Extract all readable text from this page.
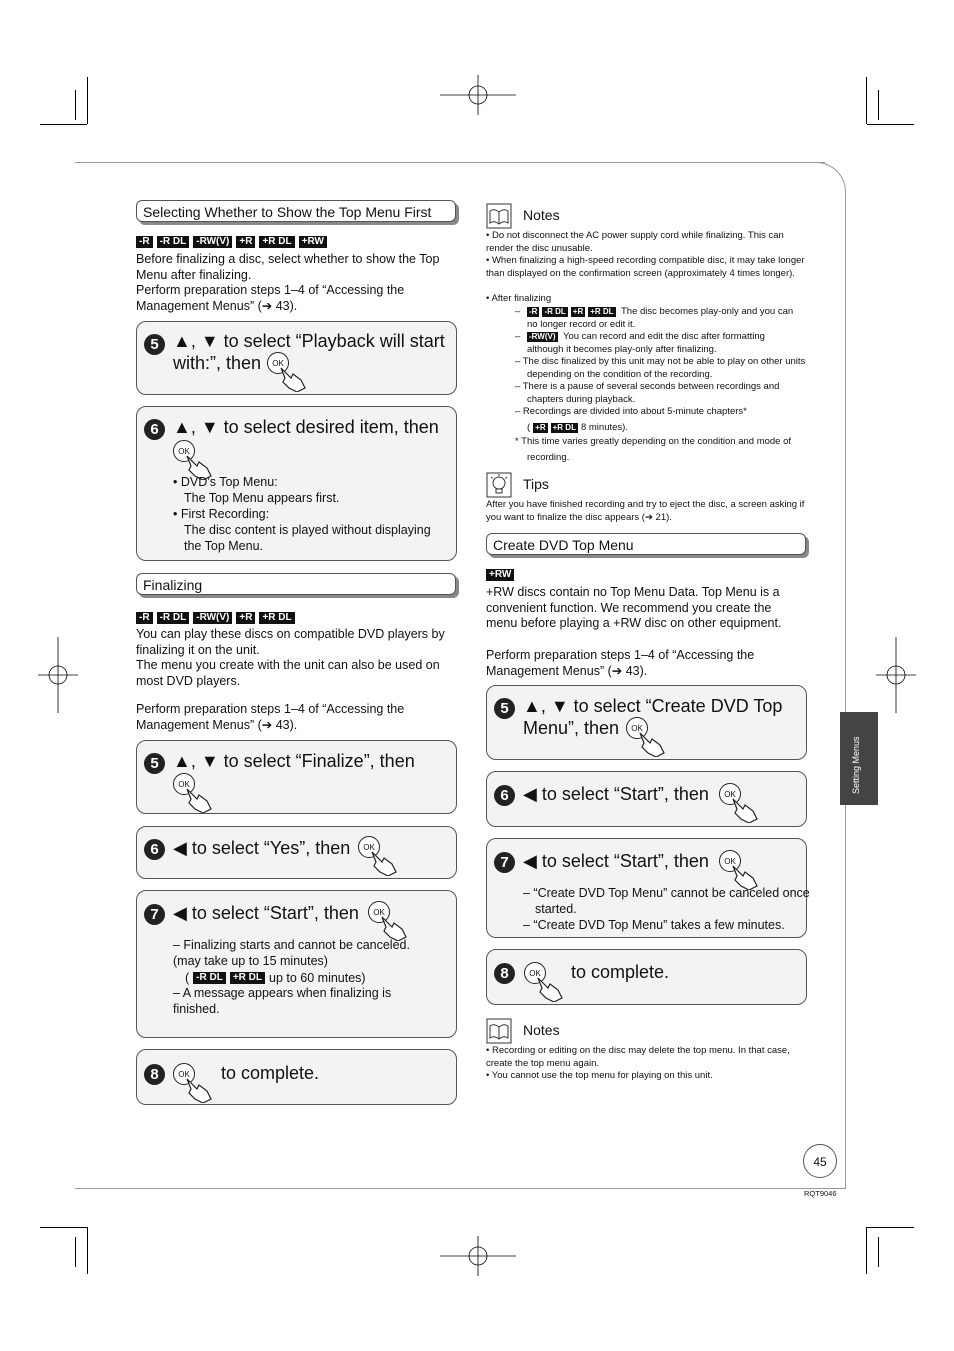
Selecting Whether to Show the Top Menu First
-R	-R DL	-RW(V)	+R	+R DL	+RW
Before finalizing a disc, select whether to show the Top Menu after finalizing.
Perform preparation steps 1–4 of “Accessing the Management Menus” (➔ 43).
5 ▲, ▼ to select “Playback will start with:”, then	OK
6 ▲, ▼ to select desired item, then
OK
• DVD’s Top Menu:
The Top Menu appears first.
• First Recording:
The disc content is played without displaying the Top Menu.
Finalizing
-R	-R DL	-RW(V)	+R	+R DL
You can play these discs on compatible DVD players by finalizing it on the unit.
The menu you create with the unit can also be used on most DVD players.
Perform preparation steps 1–4 of “Accessing the Management Menus” (➔ 43).
5 ▲, ▼ to select “Finalize”, then
OK
6 ◀ to select “Yes”, then	OK
7 ◀ to select “Start”, then	OK
– Finalizing starts and cannot be canceled. (may take up to 15 minutes)
( -R DL	+R DL up to 60 minutes)
– A message appears when finalizing is finished.
8	OK to complete.
Notes
• Do not disconnect the AC power supply cord while finalizing. This can render the disc unusable.
• When finalizing a high-speed recording compatible disc, it may take longer than displayed on the confirmation screen (approximately 4 times longer).
• After finalizing
– -R -R DL +R +R DL The disc becomes play-only and you can no longer record or edit it.
– -RW(V) You can record and edit the disc after formatting although it becomes play-only after finalizing.
– The disc finalized by this unit may not be able to play on other units depending on the condition of the recording.
– There is a pause of several seconds between recordings and chapters during playback.
– Recordings are divided into about 5-minute chapters*
( +R +R DL 8 minutes).
* This time varies greatly depending on the condition and mode of recording.
Tips
After you have finished recording and try to eject the disc, a screen asking if you want to finalize the disc appears (➔ 21).
Create DVD Top Menu
+RW
+RW discs contain no Top Menu Data. Top Menu is a convenient function. We recommend you create the menu before playing a +RW disc on other equipment.
Perform preparation steps 1–4 of “Accessing the Management Menus” (➔ 43).
5 ▲, ▼ to select “Create DVD Top Menu”, then	OK
6 ◀ to select “Start”, then	OK
7 ◀ to select “Start”, then	OK
– “Create DVD Top Menu” cannot be canceled once started.
– “Create DVD Top Menu” takes a few minutes.
8	OK to complete.
Notes
• Recording or editing on the disc may delete the top menu. In that case, create the top menu again.
• You cannot use the top menu for playing on this unit.
Setting Menus
45
RQT9046
